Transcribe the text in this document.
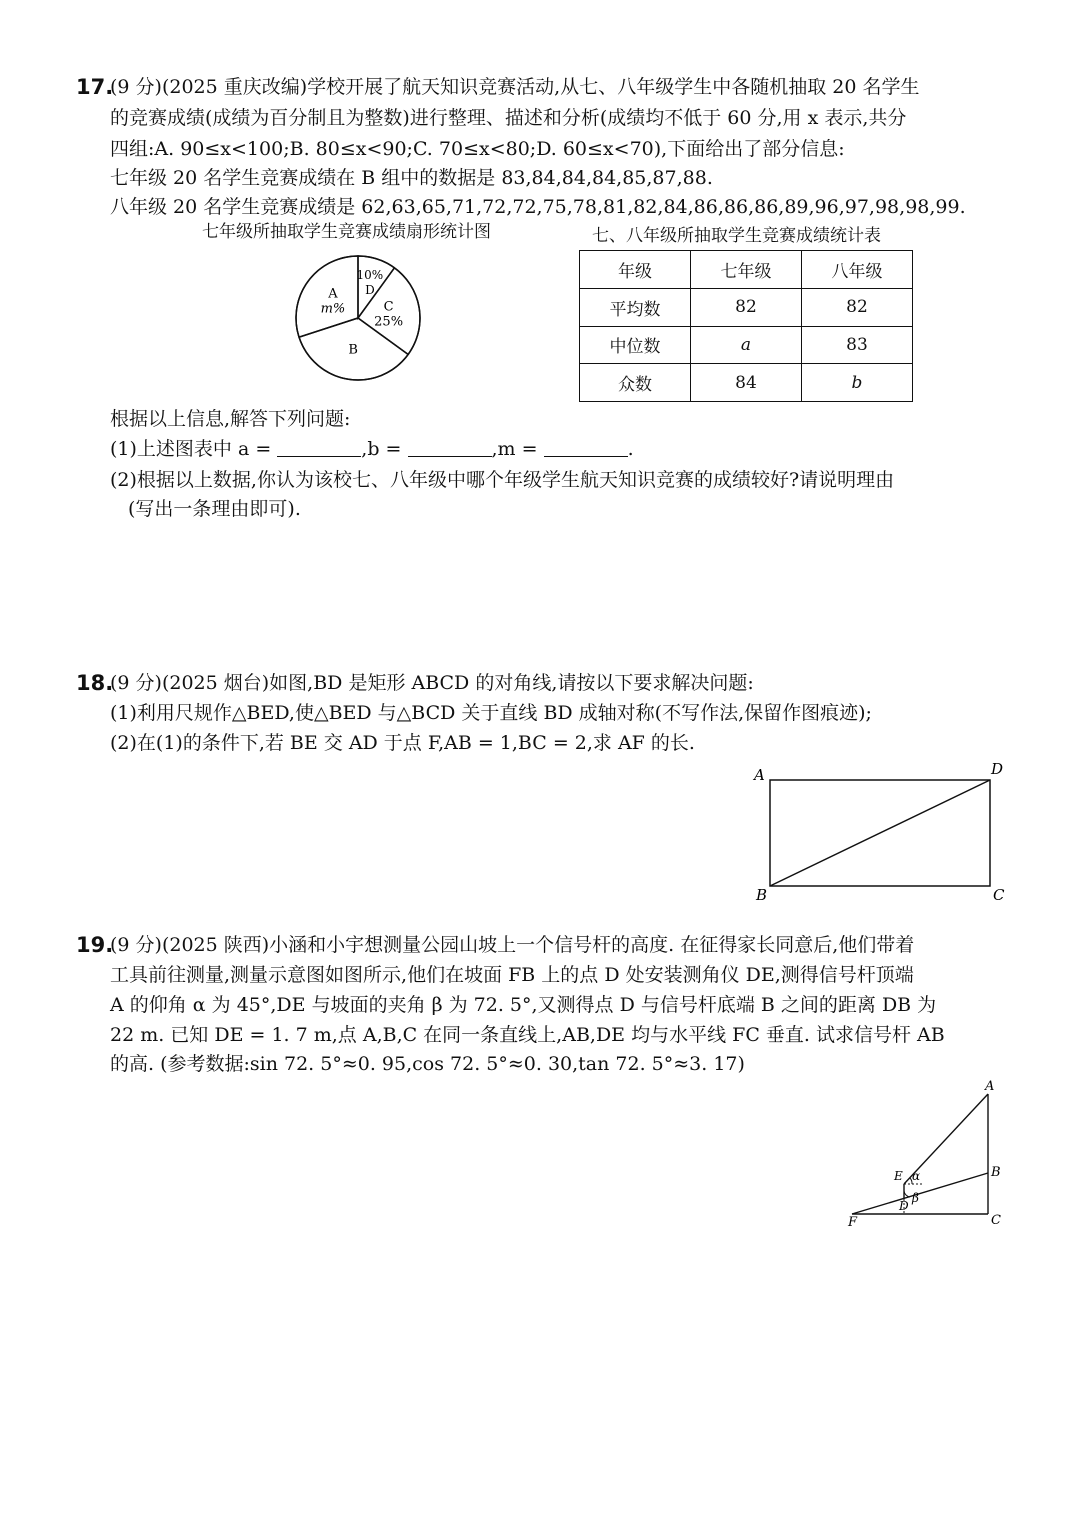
17.
(9 分)(2025 重庆改编)学校开展了航天知识竞赛活动,从七、八年级学生中各随机抽取 20 名学生
的竞赛成绩(成绩为百分制且为整数)进行整理、描述和分析(成绩均不低于 60 分,用 x 表示,共分
四组:A. 90≤x<100;B. 80≤x<90;C. 70≤x<80;D. 60≤x<70),下面给出了部分信息:
七年级 20 名学生竞赛成绩在 B 组中的数据是 83,84,84,84,85,87,88.
八年级 20 名学生竞赛成绩是 62,63,65,71,72,72,75,78,81,82,84,86,86,86,89,96,97,98,98,99.
七年级所抽取学生竞赛成绩扇形统计图	七、八年级所抽取学生竞赛成绩统计表
10%
D
C
25%
B
A
m%
年级	七年级	八年级
平均数	82	82
中位数	a	83
众数	84	b
根据以上信息,解答下列问题:
(1)上述图表中 a =	,b =	,m =	.
(2)根据以上数据,你认为该校七、八年级中哪个年级学生航天知识竞赛的成绩较好?请说明理由
(写出一条理由即可).
18.
(9 分)(2025 烟台)如图,BD 是矩形 ABCD 的对角线,请按以下要求解决问题:
(1)利用尺规作△BED,使△BED 与△BCD 关于直线 BD 成轴对称(不写作法,保留作图痕迹);
(2)在(1)的条件下,若 BE 交 AD 于点 F,AB = 1,BC = 2,求 AF 的长.
A	D
B	C
19.
(9 分)(2025 陕西)小涵和小宇想测量公园山坡上一个信号杆的高度. 在征得家长同意后,他们带着
工具前往测量,测量示意图如图所示,他们在坡面 FB 上的点 D 处安装测角仪 DE,测得信号杆顶端
A 的仰角 α 为 45°,DE 与坡面的夹角 β 为 72. 5°,又测得点 D 与信号杆底端 B 之间的距离 DB 为
22 m. 已知 DE = 1. 7 m,点 A,B,C 在同一条直线上,AB,DE 均与水平线 FC 垂直. 试求信号杆 AB
的高. (参考数据:sin 72. 5°≈0. 95,cos 72. 5°≈0. 30,tan 72. 5°≈3. 17)
A
B
C
D
E
F
α
β
